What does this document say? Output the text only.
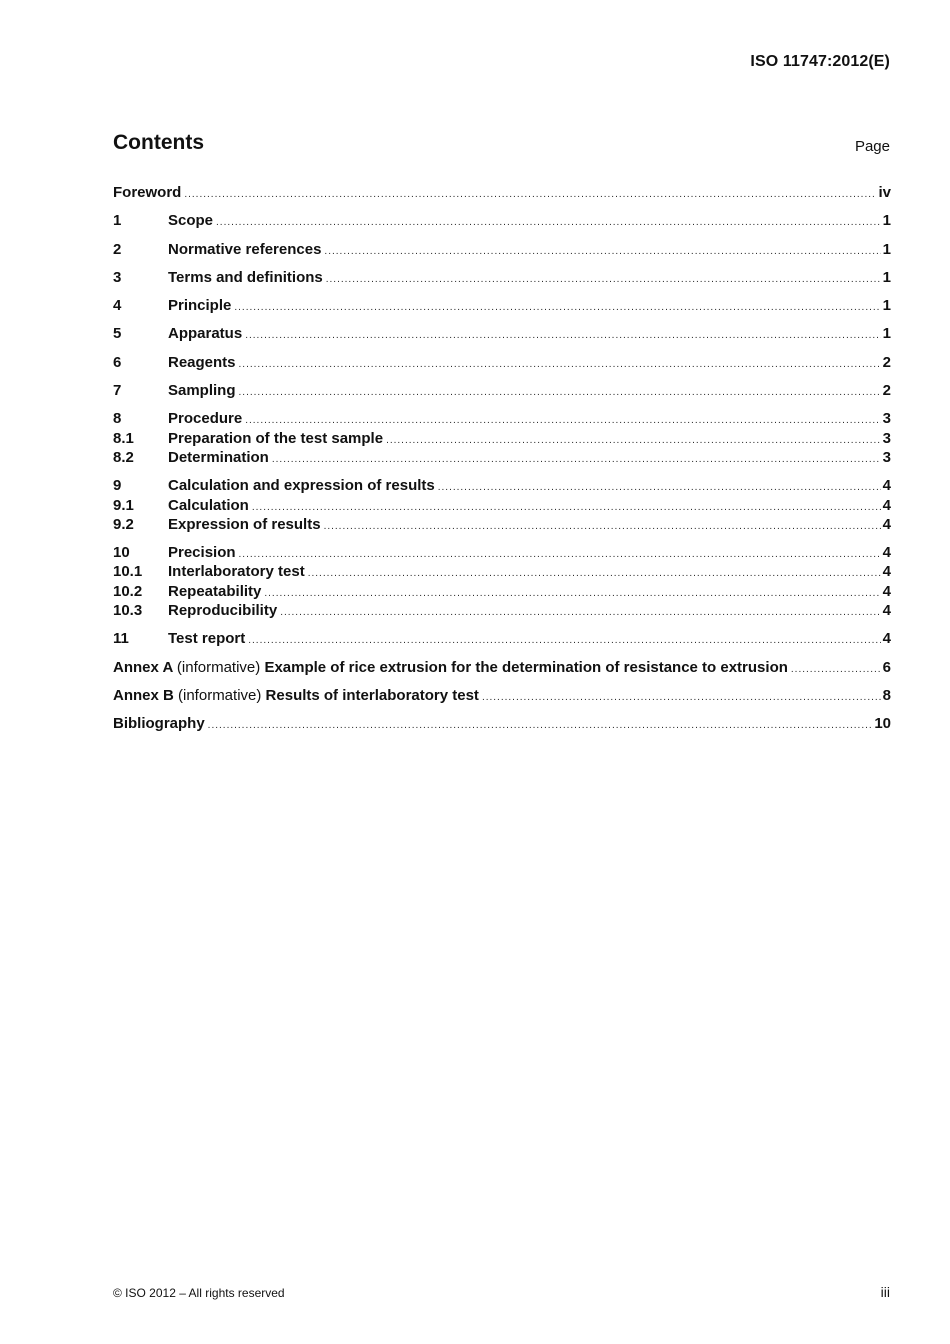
ISO 11747:2012(E)
Contents	Page
Foreword .....	iv
1	Scope .....	1
2	Normative references .....	1
3	Terms and definitions .....	1
4	Principle .....	1
5	Apparatus .....	1
6	Reagents .....	2
7	Sampling .....	2
8	Procedure .....	3
8.1	Preparation of the test sample .....	3
8.2	Determination .....	3
9	Calculation and expression of results .....	4
9.1	Calculation .....	4
9.2	Expression of results .....	4
10	Precision .....	4
10.1	Interlaboratory test .....	4
10.2	Repeatability .....	4
10.3	Reproducibility .....	4
11	Test report .....	4
Annex A (informative) Example of rice extrusion for the determination of resistance to extrusion .....	6
Annex B (informative) Results of interlaboratory test .....	8
Bibliography .....	10
© ISO 2012 – All rights reserved	iii
